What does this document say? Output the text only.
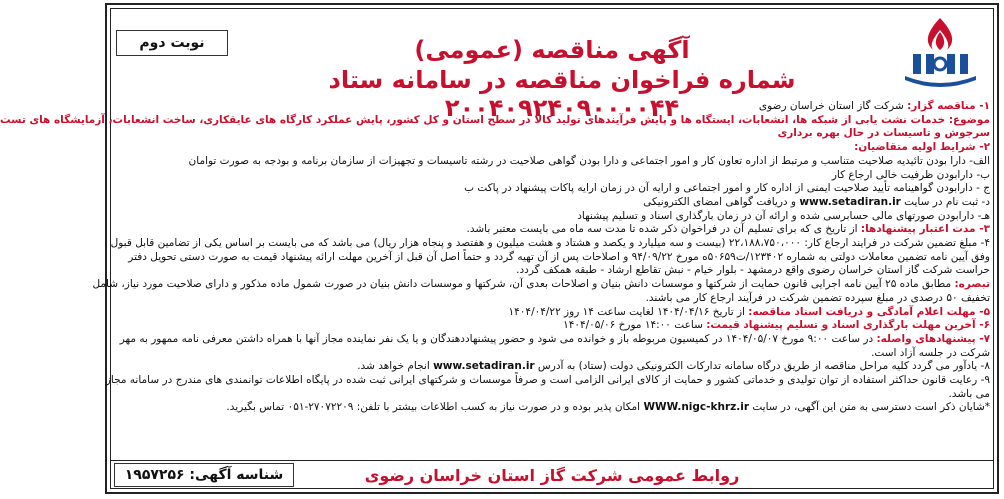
نوبت دوم	آگهی مناقصه (عمومی)
شماره فراخوان مناقصه در سامانه ستاد ۲۰۰۴۰۹۲۴۰۹۰۰۰۰۴۴	۱- مناقصه گزار: شرکت گاز استان خراسان رضوی

موضوع: خدمات نشت یابی از شبکه ها، انشعابات، ایستگاه ها و پایش فرآیندهای تولید کالا در سطح استان و کل کشور، پایش عملکرد کارگاه های عایقکاری، ساخت انشعابات، آزمایشگاه های تست

سرجوش و تاسیسات در حال بهره برداری

۲- شرایط اولیه متقاضیان:

الف- دارا بودن تائیدیه صلاحیت متناسب و مرتبط از اداره تعاون کار و امور اجتماعی و دارا بودن گواهی صلاحیت در رشته تاسیسات و تجهیزات از سازمان برنامه و بودجه به صورت توامان

ب- دارابودن ظرفیت خالی ارجاع کار

ج - دارابودن گواهینامه تأیید صلاحیت ایمنی از اداره کار و امور اجتماعی و ارایه آن در زمان ارایه پاکات پیشنهاد در پاکت ب

د- ثبت نام در سایت www.setadiran.ir و دریافت گواهی امضای الکترونیکی

هـ- دارابودن صورتهای مالی حسابرسی شده و ارائه آن در زمان بارگذاری اسناد و تسلیم پیشنهاد

۳- مدت اعتبار پیشنهادها: از تاریخ ی که برای تسلیم آن در فراخوان ذکر شده تا مدت سه ماه می بایست معتبر باشد.

۴- مبلغ تضمین شرکت در فرایند ارجاع کار: ۲۲،۱۸۸،۷۵۰،۰۰۰ (بیست و سه میلیارد و یکصد و هشتاد و هشت میلیون و هفتصد و پنجاه هزار ریال) می باشد که می بایست بر اساس یکی از تضامین قابل قبول

وفق آیین نامه تضمین معاملات دولتی به شماره ۱۲۳۴۰۲/ت۵۰۶۵۹ه مورخ ۹۴/۰۹/۲۲ و اصلاحات پس از آن تهیه گردد و حتماً اصل آن قبل از آخرین مهلت ارائه پیشنهاد قیمت به صورت دستی تحویل دفتر

حراست شرکت گاز استان خراسان رضوی واقع درمشهد - بلوار خیام - نبش تقاطع ارشاد - طبقه همکف گردد.

تبصره: مطابق ماده ۲۵ آیین نامه اجرایی قانون حمایت از شرکتها و موسسات دانش بنیان و اصلاحات بعدی آن، شرکتها و موسسات دانش بنیان در صورت شمول ماده مذکور و دارای صلاحیت مورد نیاز، شامل

تخفیف ۵۰ درصدی در مبلغ سپرده تضمین شرکت در فرآیند ارجاع کار می باشند.

۵- مهلت اعلام آمادگی و دریافت اسناد مناقصه: از تاریخ ۱۴۰۴/۰۴/۱۶ لغایت ساعت ۱۴ روز ۱۴۰۴/۰۴/۲۲

۶- آخرین مهلت بارگذاری اسناد و تسلیم پیشنهاد قیمت: ساعت ۱۴:۰۰ مورخ ۱۴۰۴/۰۵/۰۶

۷- پیشنهادهای واصله: در ساعت ۹:۰۰ مورخ ۱۴۰۴/۰۵/۰۷ در کمیسیون مربوطه باز و خوانده می شود و حضور پیشنهاددهندگان و یا یک نفر نماینده مجاز آنها با همراه داشتن معرفی نامه ممهور به مهر

شرکت در جلسه آزاد است.

۸- یادآور می گردد کلیه مراحل مناقصه از طریق درگاه سامانه تدارکات الکترونیکی دولت (ستاد) به آدرس www.setadiran.ir انجام خواهد شد.

۹- رعایت قانون حداکثر استفاده از توان تولیدی و خدماتی کشور و حمایت از کالای ایرانی الزامی است و صرفاً موسسات و شرکتهای ایرانی ثبت شده در پایگاه اطلاعات توانمندی های مندرج در سامانه مجاز

می باشد.

*شایان ذکر است دسترسی به متن این آگهی، در سایت WWW.nigc-khrz.ir امکان پذیر بوده و در صورت نیاز به کسب اطلاعات بیشتر با تلفن: ۲۷۰۷۲۲۰۹-۰۵۱ تماس بگیرید.

روابط عمومی شرکت گاز استان خراسان رضوی
شناسه آگهی: ۱۹۵۷۲۵۶
